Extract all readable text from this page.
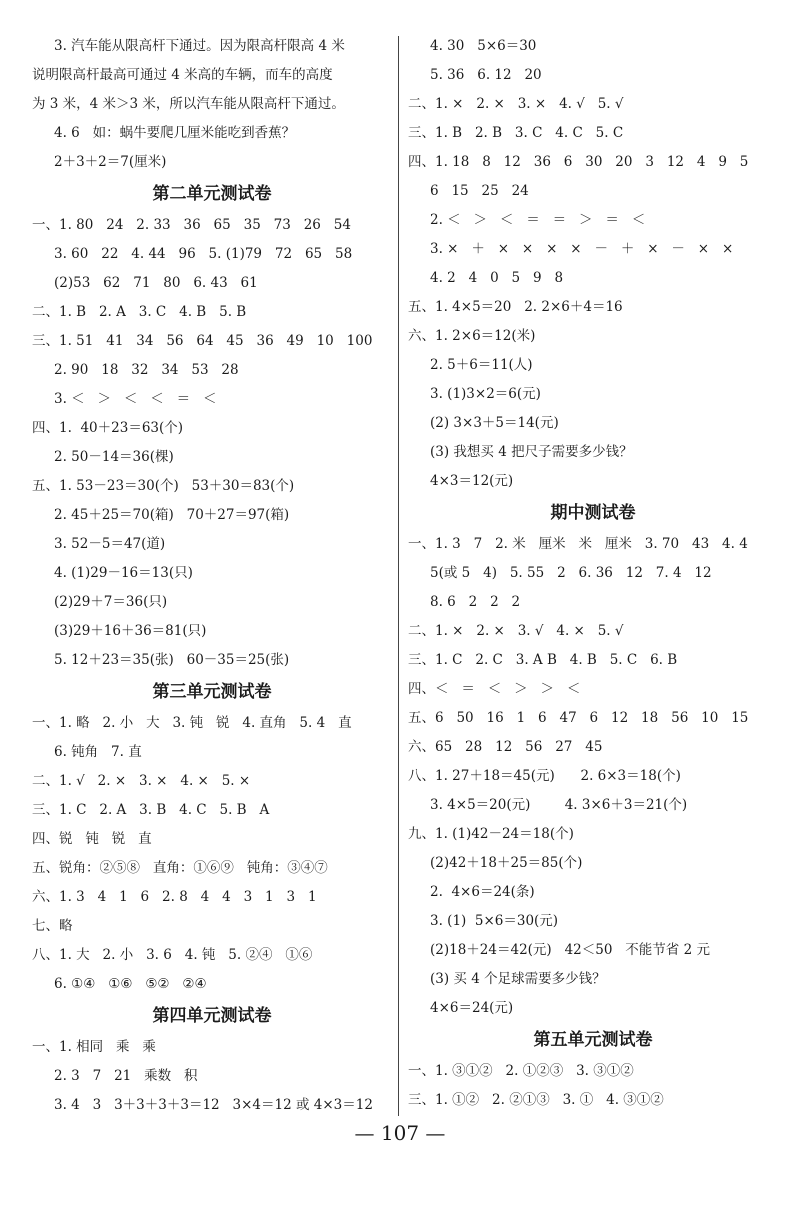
3. 汽车能从限高杆下通过。因为限高杆限高 4 米
说明限高杆最高可通过 4 米高的车辆，而车的高度
为 3 米，4 米＞3 米，所以汽车能从限高杆下通过。
4. 6   如：蜗牛要爬几厘米能吃到香蕉？
2＋3＋2＝7(厘米)
第二单元测试卷
一、1. 80   24   2. 33   36   65   35   73   26   54
3. 60   22   4. 44   96   5. (1)79   72   65   58
(2)53   62   71   80   6. 43   61
二、1. B   2. A   3. C   4. B   5. B
三、1. 51   41   34   56   64   45   36   49   10   100
2. 90   18   32   34   53   28
3. ＜   ＞   ＜   ＜   ＝   ＜
四、1.  40＋23＝63(个)
2. 50－14＝36(棵)
五、1. 53－23＝30(个)   53＋30＝83(个)
2. 45＋25＝70(箱)   70＋27＝97(箱)
3. 52－5＝47(道)
4. (1)29－16＝13(只)
(2)29＋7＝36(只)
(3)29＋16＋36＝81(只)
5. 12＋23＝35(张)   60－35＝25(张)
第三单元测试卷
一、1. 略   2. 小   大   3. 钝   锐   4. 直角   5. 4   直
6. 钝角   7. 直
二、1. √   2. ×   3. ×   4. ×   5. ×
三、1. C   2. A   3. B   4. C   5. B   A
四、锐   钝   锐   直
五、锐角：②⑤⑧   直角：①⑥⑨   钝角：③④⑦
六、1. 3   4   1   6   2. 8   4   4   3   1   3   1
七、略
八、1. 大   2. 小   3. 6   4. 钝   5. ②④   ①⑥
6. ①④   ①⑥   ⑤②   ②④
第四单元测试卷
一、1. 相同   乘   乘
2. 3   7   21   乘数   积
3. 4   3   3＋3＋3＋3＝12   3×4＝12 或 4×3＝12
4. 30   5×6＝30
5. 36   6. 12   20
二、1. ×   2. ×   3. ×   4. √   5. √
三、1. B   2. B   3. C   4. C   5. C
四、1. 18   8   12   36   6   30   20   3   12   4   9   5
6   15   25   24
2. ＜   ＞   ＜   ＝   ＝   ＞   ＝   ＜
3. ×   ＋   ×   ×   ×   ×   －   ＋   ×   －   ×   ×
4. 2   4   0   5   9   8
五、1. 4×5＝20   2. 2×6＋4＝16
六、1. 2×6＝12(米)
2. 5＋6＝11(人)
3. (1)3×2＝6(元)
(2) 3×3＋5＝14(元)
(3) 我想买 4 把尺子需要多少钱？
4×3＝12(元)
期中测试卷
一、1. 3   7   2. 米   厘米   米   厘米   3. 70   43   4. 4
5(或 5   4)   5. 55   2   6. 36   12   7. 4   12
8. 6   2   2   2
二、1. ×   2. ×   3. √   4. ×   5. √
三、1. C   2. C   3. A B   4. B   5. C   6. B
四、＜   ＝   ＜   ＞   ＞   ＜
五、6   50   16   1   6   47   6   12   18   56   10   15
六、65   28   12   56   27   45
八、1. 27＋18＝45(元)      2. 6×3＝18(个)
3. 4×5＝20(元)        4. 3×6＋3＝21(个)
九、1. (1)42－24＝18(个)
(2)42＋18＋25＝85(个)
2.  4×6＝24(条)
3. (1)  5×6＝30(元)
(2)18＋24＝42(元)   42＜50   不能节省 2 元
(3) 买 4 个足球需要多少钱？
4×6＝24(元)
第五单元测试卷
一、1. ③①②   2. ①②③   3. ③①②
三、1. ①②   2. ②①③   3. ①   4. ③①②
— 107 —
